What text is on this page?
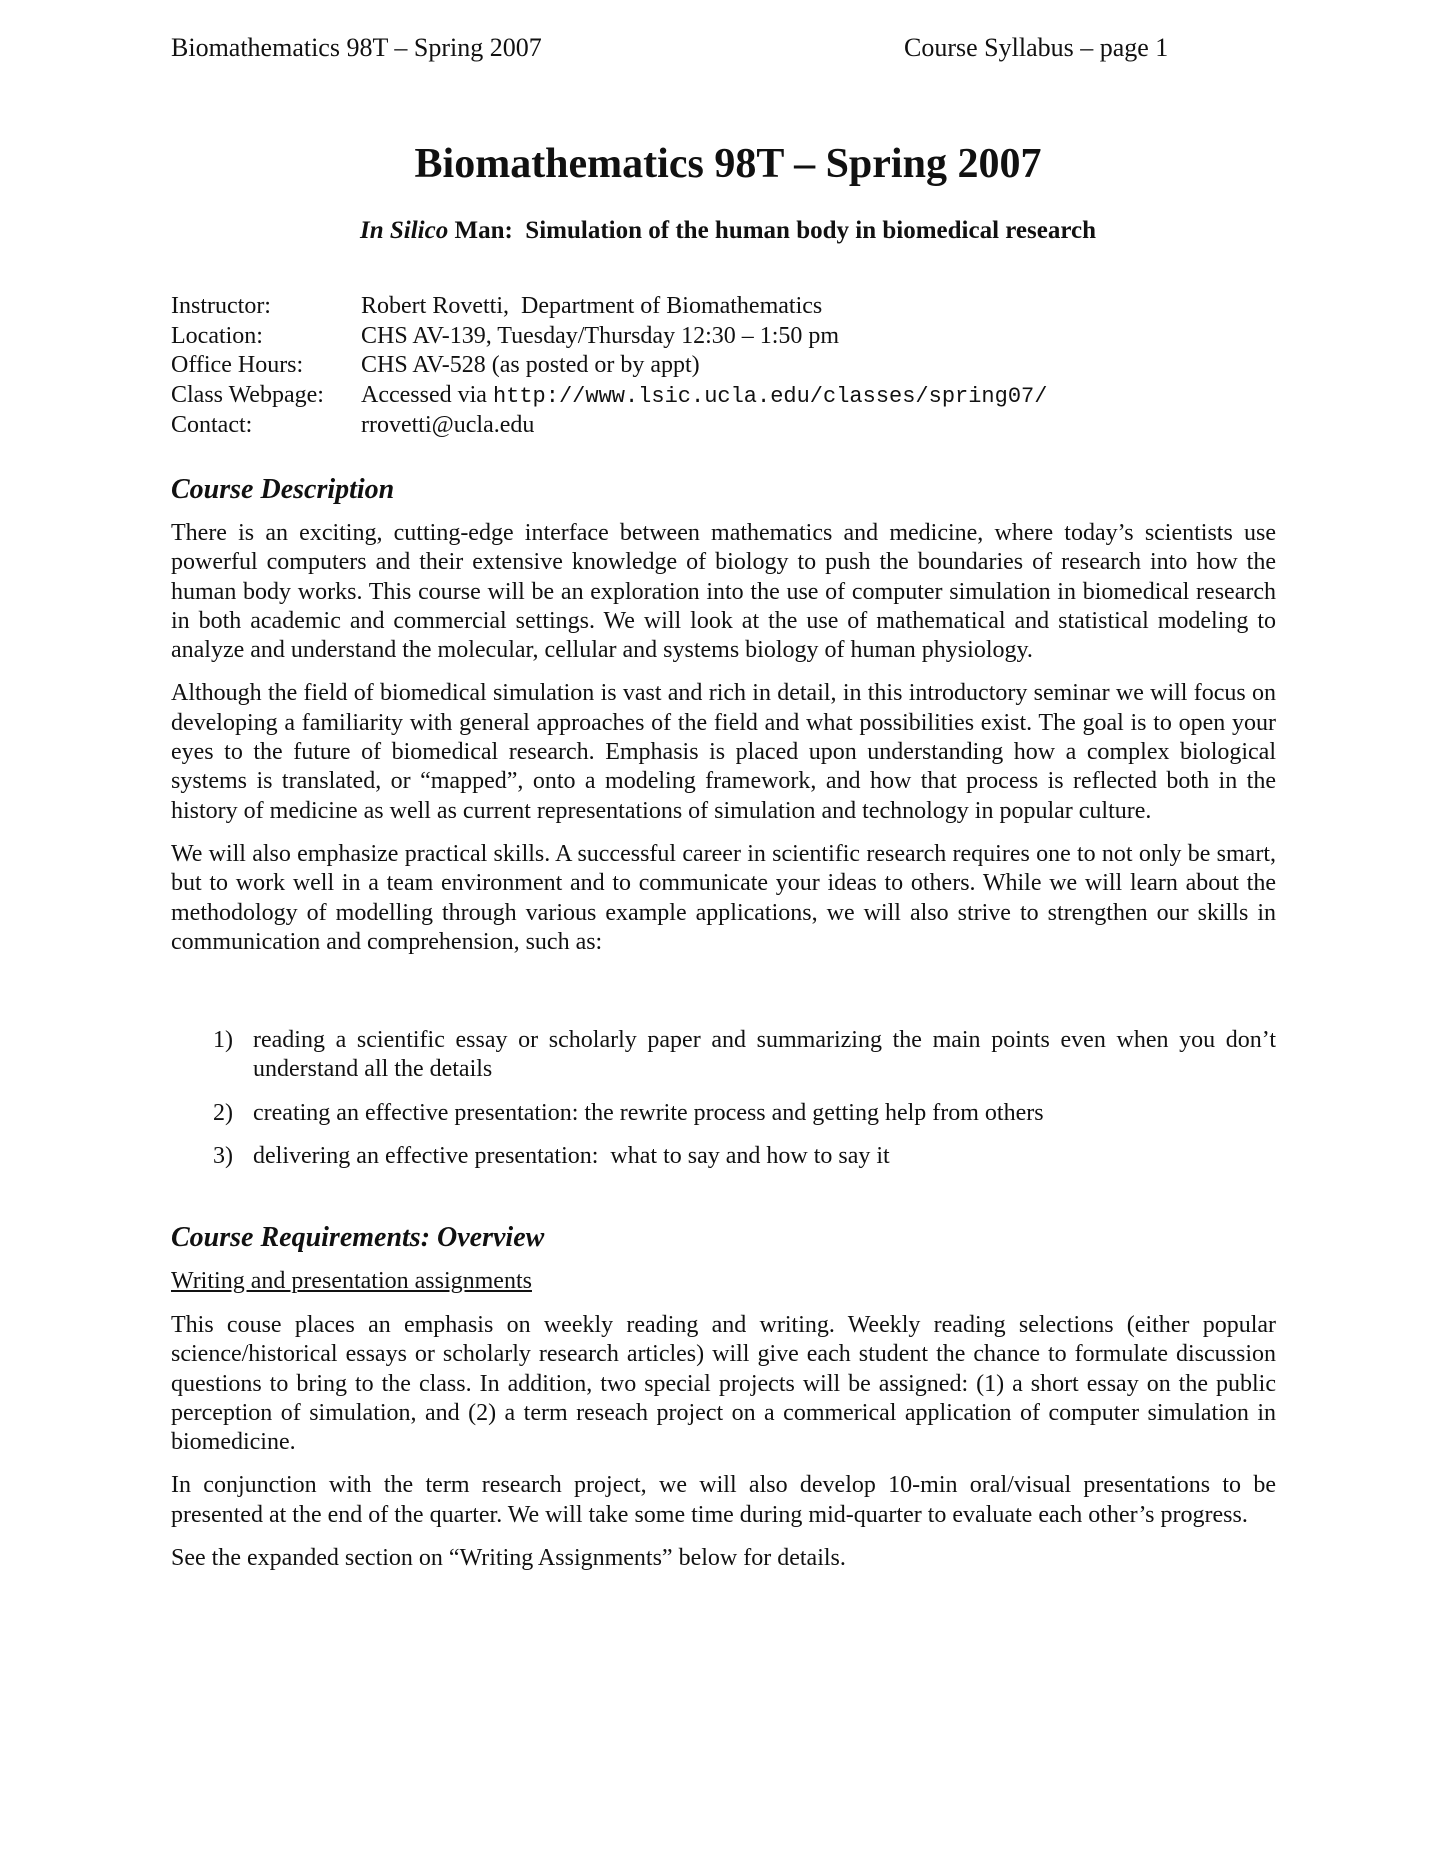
Biomathematics 98T – Spring 2007	Course Syllabus – page 1
Biomathematics 98T – Spring 2007
In Silico Man:  Simulation of the human body in biomedical research
Instructor:	Robert Rovetti,  Department of Biomathematics
Location:	CHS AV-139, Tuesday/Thursday 12:30 – 1:50 pm
Office Hours:	CHS AV-528 (as posted or by appt)
Class Webpage:	Accessed via http://www.lsic.ucla.edu/classes/spring07/
Contact:	rrovetti@ucla.edu
Course Description

There is an exciting, cutting-edge interface between mathematics and medicine, where today’s scientists use powerful computers and their extensive knowledge of biology to push the boundaries of research into how the human body works. This course will be an exploration into the use of computer simulation in biomedical research in both academic and commercial settings. We will look at the use of mathematical and statistical modeling to analyze and understand the molecular, cellular and systems biology of human physiology.

Although the field of biomedical simulation is vast and rich in detail, in this introductory seminar we will focus on developing a familiarity with general approaches of the field and what possibilities exist. The goal is to open your eyes to the future of biomedical research. Emphasis is placed upon understanding how a complex biological systems is translated, or “mapped”, onto a modeling framework, and how that process is reflected both in the history of medicine as well as current representations of simulation and technology in popular culture.

We will also emphasize practical skills. A successful career in scientific research requires one to not only be smart, but to work well in a team environment and to communicate your ideas to others. While we will learn about the methodology of modelling through various example applications, we will also strive to strengthen our skills in communication and comprehension, such as:

1) reading a scientific essay or scholarly paper and summarizing the main points even when you don’t understand all the details
2) creating an effective presentation: the rewrite process and getting help from others
3) delivering an effective presentation:  what to say and how to say it
Course Requirements: Overview
Writing and presentation assignments

This couse places an emphasis on weekly reading and writing. Weekly reading selections (either popular science/historical essays or scholarly research articles) will give each student the chance to formulate discussion questions to bring to the class. In addition, two special projects will be assigned: (1) a short essay on the public perception of simulation, and (2) a term reseach project on a commerical application of computer simulation in biomedicine.

In conjunction with the term research project, we will also develop 10-min oral/visual presentations to be presented at the end of the quarter. We will take some time during mid-quarter to evaluate each other’s progress.

See the expanded section on “Writing Assignments” below for details.
